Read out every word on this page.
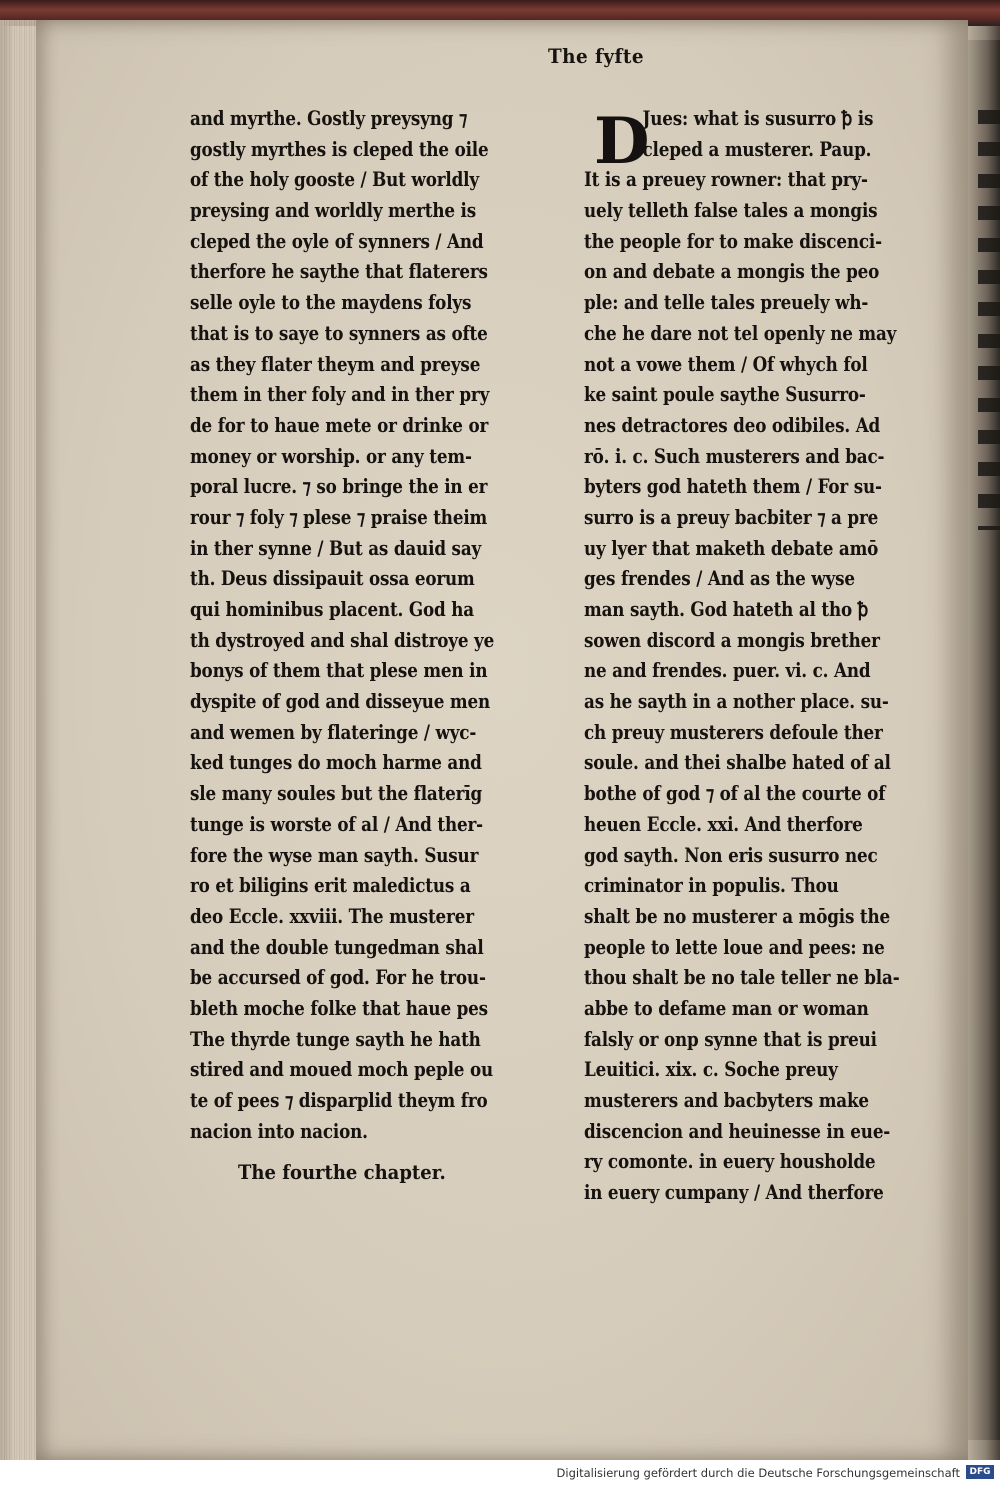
The fyfte
and myrthe. Gostly preysyng ⁊
gostly myrthes is cleped the oile
of the holy gooste / But worldly
preysing and worldly merthe is
cleped the oyle of synners / And
therfore he saythe that flaterers
selle oyle to the maydens folys
that is to saye to synners as ofte
as they flater theym and preyse
them in ther foly and in ther pry
de for to haue mete or drinke or
money or worship. or any tem-
poral lucre. ⁊ so bringe the in er
rour ⁊ foly ⁊ plese ⁊ praise theim
in ther synne / But as dauid say
th. Deus dissipauit ossa eorum
qui hominibus placent. God ha
th dystroyed and shal distroye ye
bonys of them that plese men in
dyspite of god and disseyue men
and wemen by flateringe / wyc-
ked tunges do moch harme and
sle many soules but the flaterīg
tunge is worste of al / And ther-
fore the wyse man sayth. Susur
ro et biligins erit maledictus a
deo Eccle. xxviii. The musterer
and the double tungedman shal
be accursed of god. For he trou-
bleth moche folke that haue pes
The thyrde tunge sayth he hath
stired and moued moch peple ou
te of pees ⁊ disparplid theym fro
nacion into nacion.
D
Jues: what is susurro ꝥ is
cleped a musterer. Paup.
It is a preuey rowner: that pry-
uely telleth false tales a mongis
the people for to make discenci-
on and debate a mongis the peo
ple: and telle tales preuely wh-
che he dare not tel openly ne may
not a vowe them / Of whych fol
ke saint poule saythe Susurro-
nes detractores deo odibiles. Ad
rō. i. c. Such musterers and bac-
byters god hateth them / For su-
surro is a preuy bacbiter ⁊ a pre
uy lyer that maketh debate amō
ges frendes / And as the wyse
man sayth. God hateth al tho ꝥ
sowen discord a mongis brether
ne and frendes. puer. vi. c. And
as he sayth in a nother place. su-
ch preuy musterers defoule ther
soule. and thei shalbe hated of al
bothe of god ⁊ of al the courte of
heuen Eccle. xxi. And therfore
god sayth. Non eris susurro nec
criminator in populis. Thou
shalt be no musterer a mōgis the
people to lette loue and pees: ne
thou shalt be no tale teller ne bla-
abbe to defame man or woman
falsly or onp synne that is preui
Leuitici. xix. c. Soche preuy
musterers and bacbyters make
discencion and heuinesse in eue-
ry comonte. in euery housholde
in euery cumpany / And therfore
The fourthe chapter.
Digitalisierung gefördert durch die Deutsche Forschungsgemeinschaft	DFG
